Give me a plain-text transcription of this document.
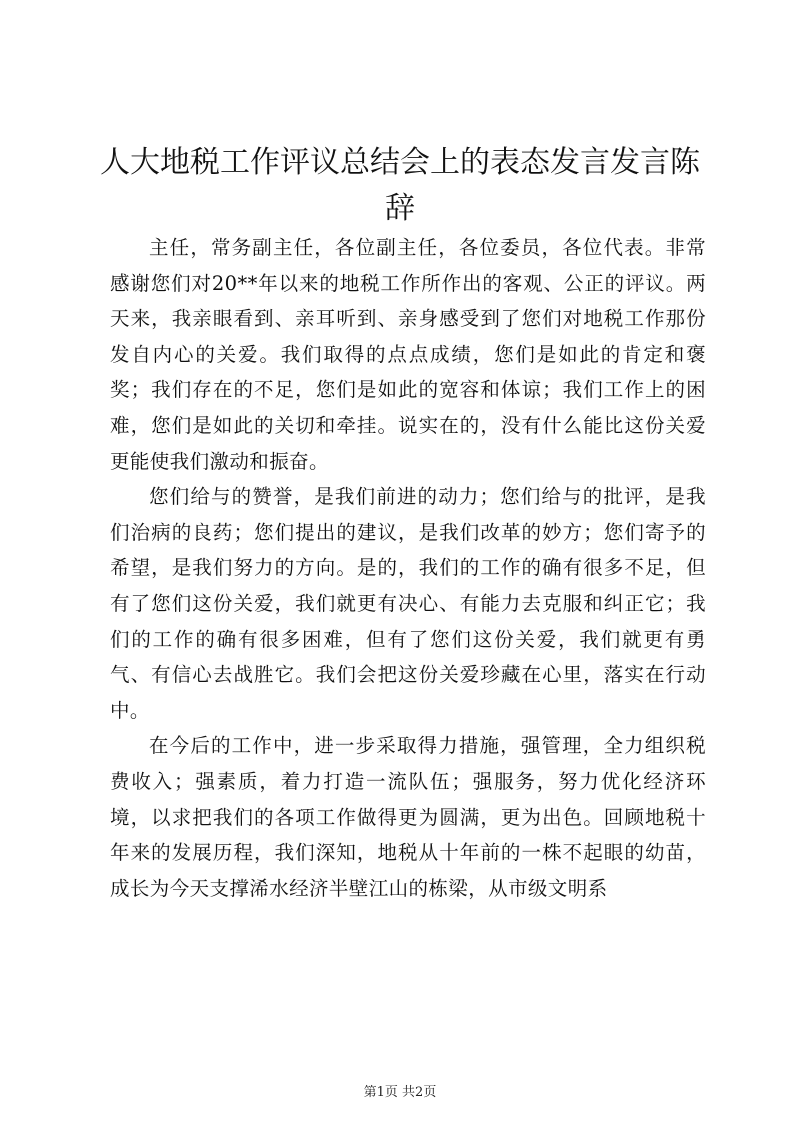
人大地税工作评议总结会上的表态发言发言陈辞

主任，常务副主任，各位副主任，各位委员，各位代表。非常感谢您们对20**年以来的地税工作所作出的客观、公正的评议。两天来，我亲眼看到、亲耳听到、亲身感受到了您们对地税工作那份发自内心的关爱。我们取得的点点成绩，您们是如此的肯定和褒奖；我们存在的不足，您们是如此的宽容和体谅；我们工作上的困难，您们是如此的关切和牵挂。说实在的，没有什么能比这份关爱更能使我们激动和振奋。

您们给与的赞誉，是我们前进的动力；您们给与的批评，是我们治病的良药；您们提出的建议，是我们改革的妙方；您们寄予的希望，是我们努力的方向。是的，我们的工作的确有很多不足，但有了您们这份关爱，我们就更有决心、有能力去克服和纠正它；我们的工作的确有很多困难，但有了您们这份关爱，我们就更有勇气、有信心去战胜它。我们会把这份关爱珍藏在心里，落实在行动中。

在今后的工作中，进一步采取得力措施，强管理，全力组织税费收入；强素质，着力打造一流队伍；强服务，努力优化经济环境，以求把我们的各项工作做得更为圆满，更为出色。回顾地税十年来的发展历程，我们深知，地税从十年前的一株不起眼的幼苗，成长为今天支撑浠水经济半壁江山的栋梁，从市级文明系

第1页 共2页
